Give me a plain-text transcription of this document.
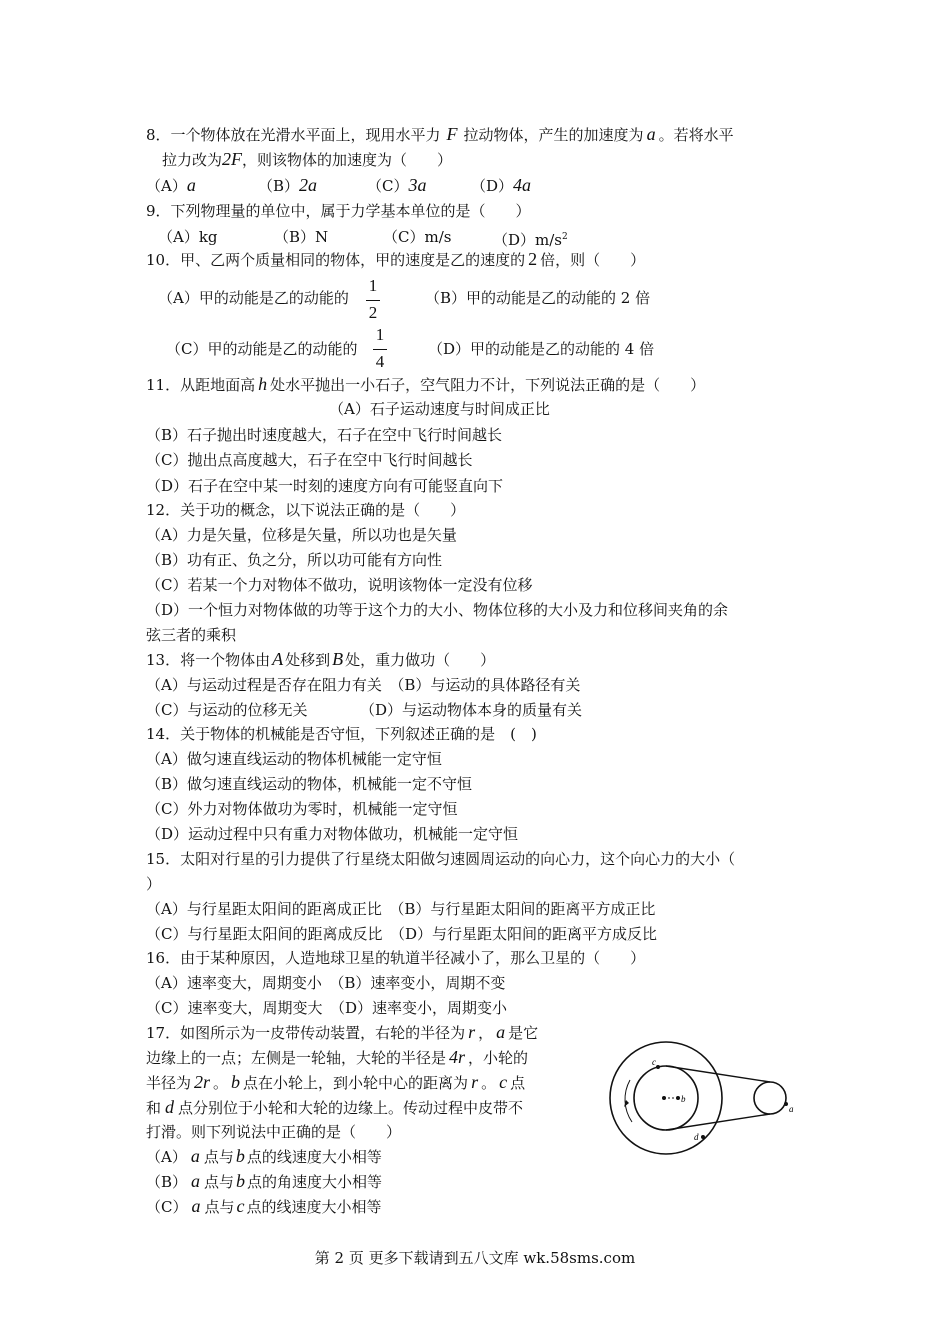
8．一个物体放在光滑水平面上，现用水平力 F 拉动物体，产生的加速度为 a 。若将水平
拉力改为2F，则该物体的加速度为（　　）
（A）a	（B）2a	（C）3a	（D）4a
9．下列物理量的单位中，属于力学基本单位的是（　　）
（A）kg	（B）N	（C）m/s	$(D)m/s^2$
10．甲、乙两个质量相同的物体，甲的速度是乙的速度的 2 倍，则（　　）
（A）甲的动能是乙的动能的
1
2
（B）甲的动能是乙的动能的 2 倍
（C）甲的动能是乙的动能的
1
4
（D）甲的动能是乙的动能的 4 倍
11．从距地面高 h 处水平抛出一小石子，空气阻力不计，下列说法正确的是（　　）
（A）石子运动速度与时间成正比
（B）石子抛出时速度越大，石子在空中飞行时间越长
（C）抛出点高度越大，石子在空中飞行时间越长
（D）石子在空中某一时刻的速度方向有可能竖直向下
12．关于功的概念，以下说法正确的是（　　）
（A）力是矢量，位移是矢量，所以功也是矢量
（B）功有正、负之分，所以功可能有方向性
（C）若某一个力对物体不做功，说明该物体一定没有位移
（D）一个恒力对物体做的功等于这个力的大小、物体位移的大小及力和位移间夹角的余
弦三者的乘积
13．将一个物体由 A 处移到 B 处，重力做功（　　）
（A）与运动过程是否存在阻力有关　（B）与运动的具体路径有关
（C）与运动的位移无关　　　　（D）与运动物体本身的质量有关
14．关于物体的机械能是否守恒，下列叙述正确的是　(　)
（A）做匀速直线运动的物体机械能一定守恒
（B）做匀速直线运动的物体，机械能一定不守恒
（C）外力对物体做功为零时，机械能一定守恒
（D）运动过程中只有重力对物体做功，机械能一定守恒
15．太阳对行星的引力提供了行星绕太阳做匀速圆周运动的向心力，这个向心力的大小（
）
（A）与行星距太阳间的距离成正比　（B）与行星距太阳间的距离平方成正比
（C）与行星距太阳间的距离成反比　（D）与行星距太阳间的距离平方成反比
16．由于某种原因，人造地球卫星的轨道半径减小了，那么卫星的（　　）
（A）速率变大，周期变小　（B）速率变小，周期不变
（C）速率变大，周期变大　（D）速率变小，周期变小
17．如图所示为一皮带传动装置，右轮的半径为 r ， a 是它
边缘上的一点；左侧是一轮轴，大轮的半径是 4r ，小轮的
半径为 2r 。 b 点在小轮上，到小轮中心的距离为 r 。 c 点
和 d 点分别位于小轮和大轮的边缘上。传动过程中皮带不
打滑。则下列说法中正确的是（　　）
（A） a 点与 b 点的线速度大小相等
（B） a 点与 b 点的角速度大小相等
（C） a 点与 c 点的线速度大小相等
c
b
a
d
第 2 页 更多下载请到五八文库 wk.58sms.com
